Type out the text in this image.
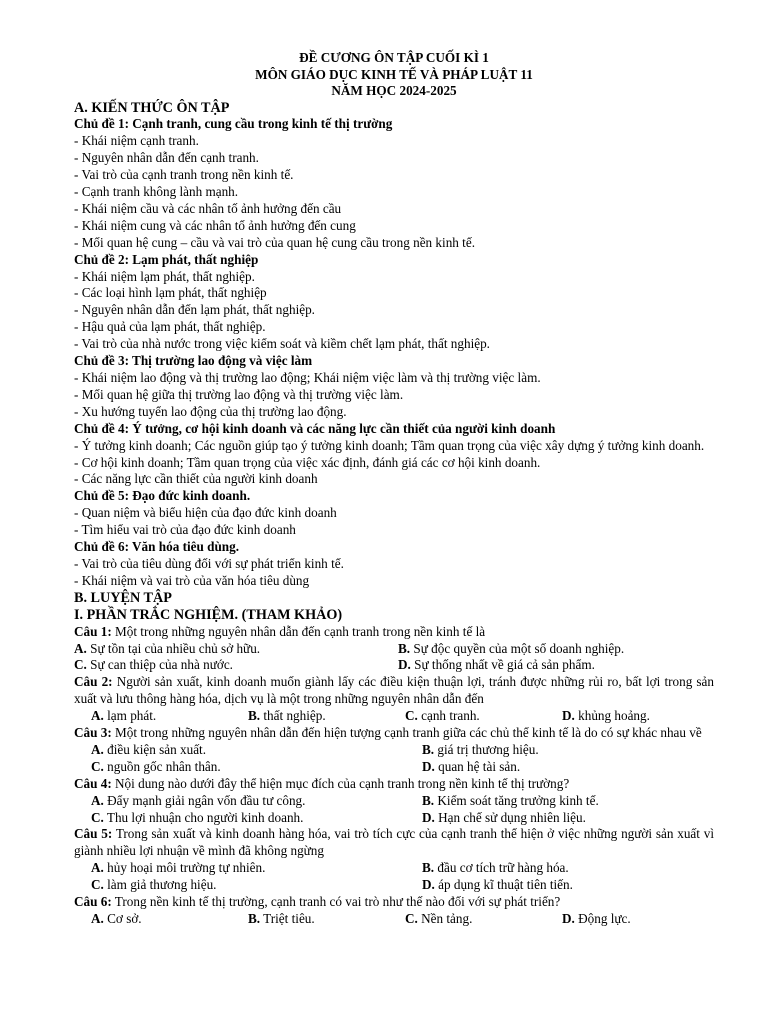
ĐỀ CƯƠNG ÔN TẬP CUỐI KÌ 1
MÔN GIÁO DỤC KINH TẾ VÀ PHÁP LUẬT 11
NĂM HỌC 2024-2025
A. KIẾN THỨC ÔN TẬP
Chủ đề 1: Cạnh tranh, cung cầu trong kinh tế thị trường
- Khái niệm cạnh tranh.
- Nguyên nhân dẫn đến cạnh tranh.
- Vai trò của cạnh tranh trong nền kinh tế.
- Cạnh tranh không lành mạnh.
- Khái niệm cầu và các nhân tố ảnh hưởng đến cầu
- Khái niệm cung và các nhân tố ảnh hưởng đến cung
- Mối quan hệ cung – cầu và vai trò của quan hệ cung cầu trong nền kinh tế.
Chủ đề 2: Lạm phát, thất nghiệp
- Khái niệm lạm phát, thất nghiệp.
- Các loại hình lạm phát, thất nghiệp
- Nguyên nhân dẫn đến lạm phát, thất nghiệp.
- Hậu quả của lạm phát, thất nghiệp.
- Vai trò của nhà nước trong việc kiểm soát và kiềm chết lạm phát, thất nghiệp.
Chủ đề 3: Thị trường lao động và việc làm
- Khái niệm lao động và thị trường lao động; Khái niệm việc làm và thị trường việc làm.
- Mối quan hệ giữa thị trường lao động và thị trường việc làm.
- Xu hướng tuyển lao động của thị trường lao động.
Chủ đề 4: Ý tưởng, cơ hội kinh doanh và các năng lực cần thiết của người kinh doanh
- Ý tưởng kinh doanh; Các nguồn giúp tạo ý tưởng kinh doanh; Tầm quan trọng của việc xây dựng ý tưởng kinh doanh.
- Cơ hội kinh doanh; Tầm quan trọng của việc xác định, đánh giá các cơ hội kinh doanh.
- Các năng lực cần thiết của người kinh doanh
Chủ đề 5: Đạo đức kinh doanh.
- Quan niệm và biểu hiện của đạo đức kinh doanh
- Tìm hiểu vai trò của đạo đức kinh doanh
Chủ đề 6: Văn hóa tiêu dùng.
- Vai trò của tiêu dùng đối với sự phát triển kinh tế.
- Khái niệm và vai trò của văn hóa tiêu dùng
B. LUYỆN TẬP
I. PHẦN TRẮC NGHIỆM. (THAM KHẢO)
Câu 1: Một trong những nguyên nhân dẫn đến cạnh tranh trong nền kinh tế là
A. Sự tồn tại của nhiều chủ sở hữu.	B. Sự độc quyền của một số doanh nghiệp.
C. Sự can thiệp của nhà nước.	D. Sự thống nhất về giá cả sản phẩm.
Câu 2: Người sản xuất, kinh doanh muốn giành lấy các điều kiện thuận lợi, tránh được những rủi ro, bất lợi trong sản xuất và lưu thông hàng hóa, dịch vụ là một trong những nguyên nhân dẫn đến
A. lạm phát.	B. thất nghiệp.	C. cạnh tranh.	D. khủng hoảng.
Câu 3: Một trong những nguyên nhân dẫn đến hiện tượng cạnh tranh giữa các chủ thể kinh tế là do có sự khác nhau về
A. điều kiện sản xuất.	B. giá trị thương hiệu.
C. nguồn gốc nhân thân.	D. quan hệ tài sản.
Câu 4: Nội dung nào dưới đây thể hiện mục đích của cạnh tranh trong nền kinh tế thị trường?
A. Đẩy mạnh giải ngân vốn đầu tư công.	B. Kiểm soát tăng trưởng kinh tế.
C. Thu lợi nhuận cho người kinh doanh.	D. Hạn chế sử dụng nhiên liệu.
Câu 5: Trong sản xuất và kinh doanh hàng hóa, vai trò tích cực của cạnh tranh thể hiện ở việc những người sản xuất vì giành nhiều lợi nhuận về mình đã không ngừng
A. hủy hoại môi trường tự nhiên.	B. đầu cơ tích trữ hàng hóa.
C. làm giả thương hiệu.	D. áp dụng kĩ thuật tiên tiến.
Câu 6: Trong nền kinh tế thị trường, cạnh tranh có vai trò như thế nào đối với sự phát triển?
A. Cơ sở.	B. Triệt tiêu.	C. Nền tảng.	D. Động lực.
